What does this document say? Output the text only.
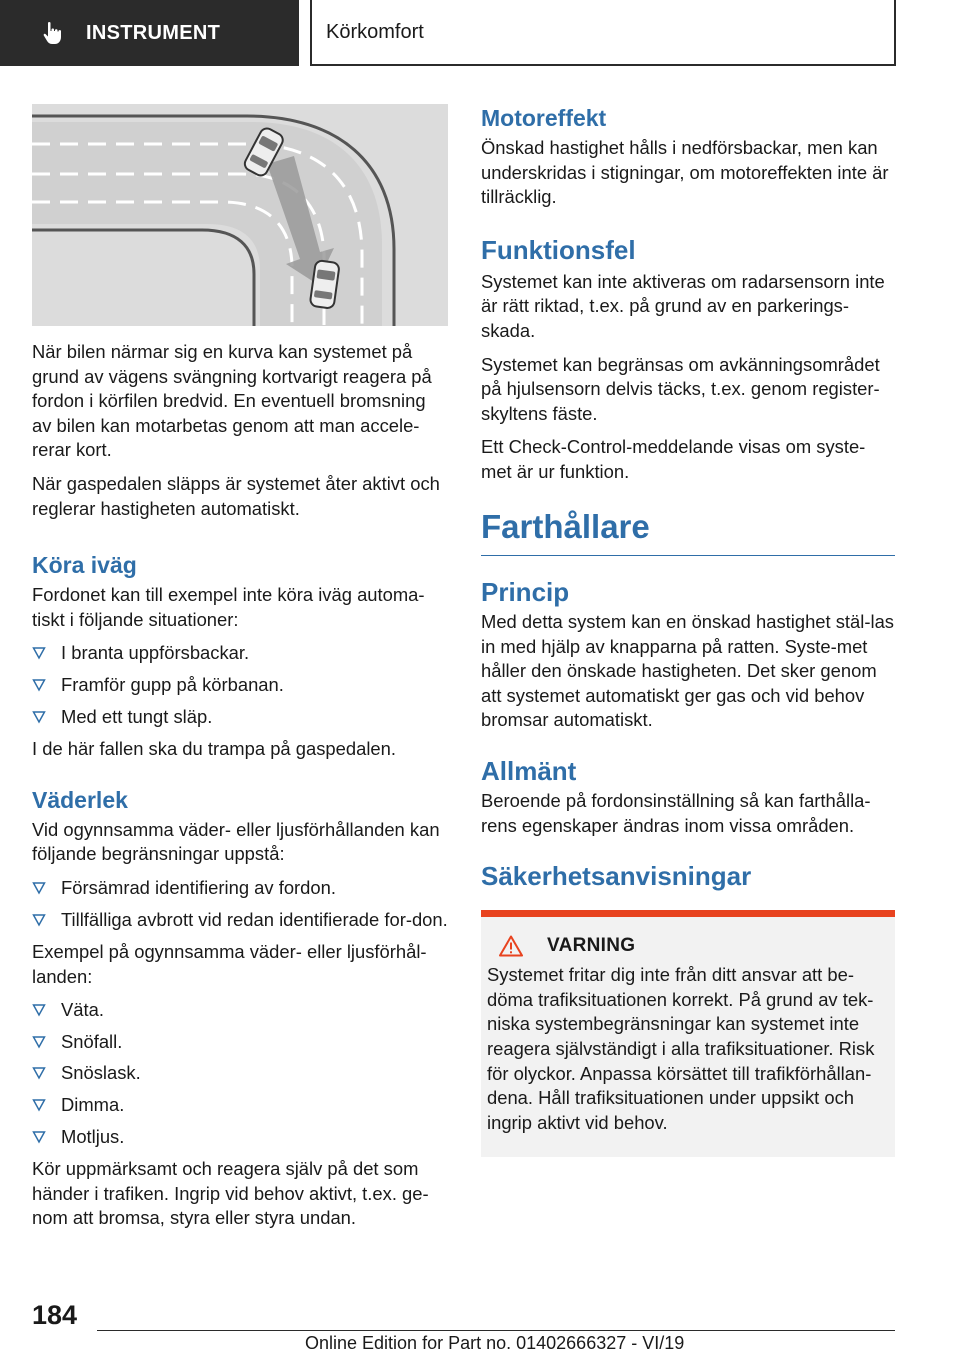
INSTRUMENT	Körkomfort

När bilen närmar sig en kurva kan systemet på grund av vägens svängning kortvarigt reagera på fordon i körfilen bredvid. En eventuell bromsning av bilen kan motarbetas genom att man accele‐rerar kort.

När gaspedalen släpps är systemet åter aktivt och reglerar hastigheten automatiskt.

Köra iväg

Fordonet kan till exempel inte köra iväg automa‐tiskt i följande situationer:

I branta uppförsbackar.
Framför gupp på körbanan.
Med ett tungt släp.

I de här fallen ska du trampa på gaspedalen.

Väderlek

Vid ogynnsamma väder- eller ljusförhållanden kan följande begränsningar uppstå:

Försämrad identifiering av fordon.
Tillfälliga avbrott vid redan identifierade for‐don.

Exempel på ogynnsamma väder- eller ljusförhål‐landen:

Väta.
Snöfall.
Snöslask.
Dimma.
Motljus.

Kör uppmärksamt och reagera själv på det som händer i trafiken. Ingrip vid behov aktivt, t.ex. ge‐nom att bromsa, styra eller styra undan.

Motoreffekt

Önskad hastighet hålls i nedförsbackar, men kan underskridas i stigningar, om motoreffekten inte är tillräcklig.

Funktionsfel

Systemet kan inte aktiveras om radarsensorn inte är rätt riktad, t.ex. på grund av en parkerings‐skada.

Systemet kan begränsas om avkänningsområdet på hjulsensorn delvis täcks, t.ex. genom register‐skyltens fäste.

Ett Check-Control-meddelande visas om syste‐met är ur funktion.

Farthållare
Princip

Med detta system kan en önskad hastighet stäl‐las in med hjälp av knapparna på ratten. Syste‐met håller den önskade hastigheten. Det sker genom att systemet automatiskt ger gas och vid behov bromsar automatiskt.

Allmänt

Beroende på fordonsinställning så kan farthålla‐rens egenskaper ändras inom vissa områden.

Säkerhetsanvisningar
VARNING

Systemet fritar dig inte från ditt ansvar att be‐döma trafiksituationen korrekt. På grund av tek‐niska systembegränsningar kan systemet inte reagera självständigt i alla trafiksituationer. Risk för olyckor. Anpassa körsättet till trafikförhållan‐dena. Håll trafiksituationen under uppsikt och ingrip aktivt vid behov.

184
Online Edition for Part no. 01402666327 - VI/19
